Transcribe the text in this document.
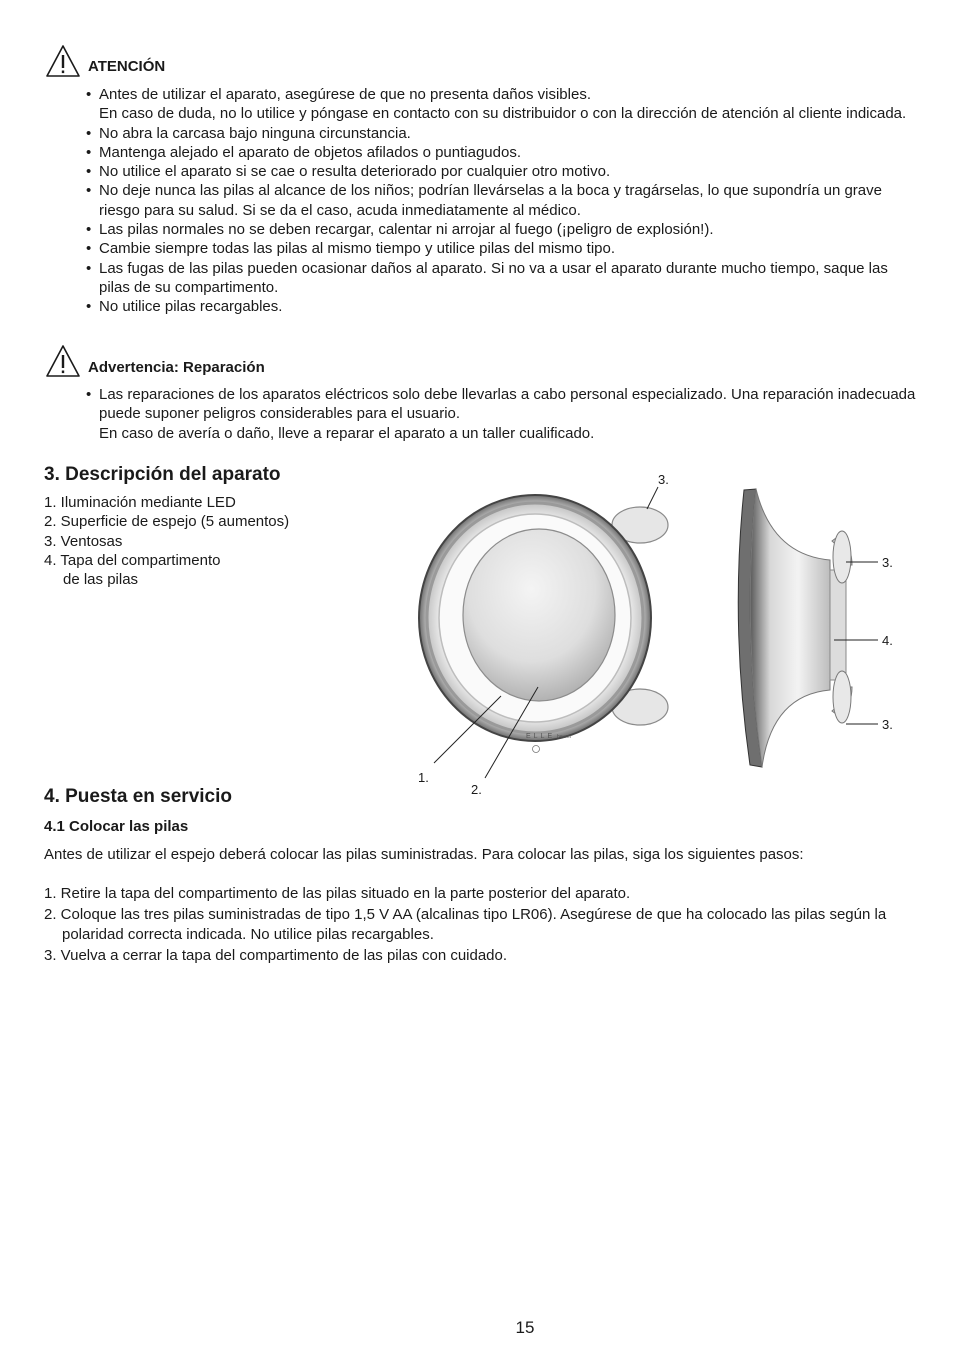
ATENCIÓN
• Antes de utilizar el aparato, asegúrese de que no presenta daños visibles.
En caso de duda, no lo utilice y póngase en contacto con su distribuidor o con la dirección de atención al cliente indicada.
• No abra la carcasa bajo ninguna circunstancia.
• Mantenga alejado el aparato de objetos afilados o puntiagudos.
• No utilice el aparato si se cae o resulta deteriorado por cualquier otro motivo.
• No deje nunca las pilas al alcance de los niños; podrían llevárselas a la boca y tragárselas, lo que supondría un grave riesgo para su salud. Si se da el caso, acuda inmediatamente al médico.
• Las pilas normales no se deben recargar, calentar ni arrojar al fuego (¡peligro de explosión!).
• Cambie siempre todas las pilas al mismo tiempo y utilice pilas del mismo tipo.
• Las fugas de las pilas pueden ocasionar daños al aparato. Si no va a usar el aparato durante mucho tiempo, saque las pilas de su compartimento.
• No utilice pilas recargables.
Advertencia: Reparación
• Las reparaciones de los aparatos eléctricos solo debe llevarlas a cabo personal especializado. Una reparación inadecuada puede suponer peligros considerables para el usuario.
En caso de avería o daño, lleve a reparar el aparato a un taller cualificado.
3. Descripción del aparato
1. Iluminación mediante LED
2. Superficie de espejo (5 aumentos)
3. Ventosas
4. Tapa del compartimento
de las pilas
ELLE beurer
3.
1.
2.
3.
4.
3.
4. Puesta en servicio
4.1 Colocar las pilas

Antes de utilizar el espejo deberá colocar las pilas suministradas. Para colocar las pilas, siga los siguientes pasos:

1. Retire la tapa del compartimento de las pilas situado en la parte posterior del aparato.
2. Coloque las tres pilas suministradas de tipo 1,5 V AA (alcalinas tipo LR06). Asegúrese de que ha colocado las pilas según la polaridad correcta indicada. No utilice pilas recargables.
3. Vuelva a cerrar la tapa del compartimento de las pilas con cuidado.
15
